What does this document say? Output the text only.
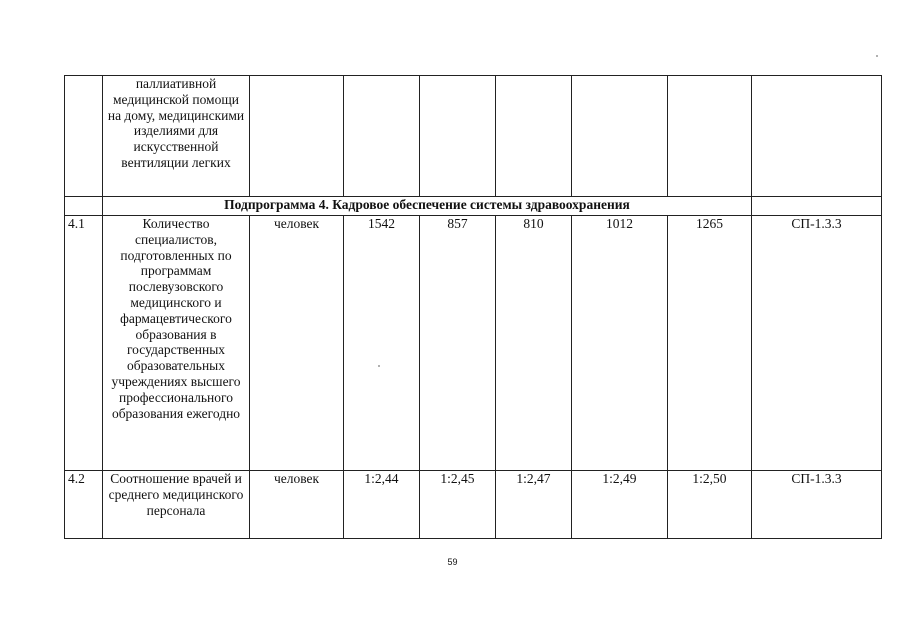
	паллиативной медицинской помощи на дому, медицинскими изделиями для искусственной вентиляции легких							
	Подпрограмма 4. Кадровое обеспечение системы здравоохранения							
4.1	Количество специалистов, подготовленных по программам послевузовского медицинского и фармацевтического образования в государственных образовательных учреждениях высшего профессионального образования ежегодно	человек	1542	857	810	1012	1265	СП-1.3.3
4.2	Соотношение врачей и среднего медицинского персонала	человек	1:2,44	1:2,45	1:2,47	1:2,49	1:2,50	СП-1.3.3
59
